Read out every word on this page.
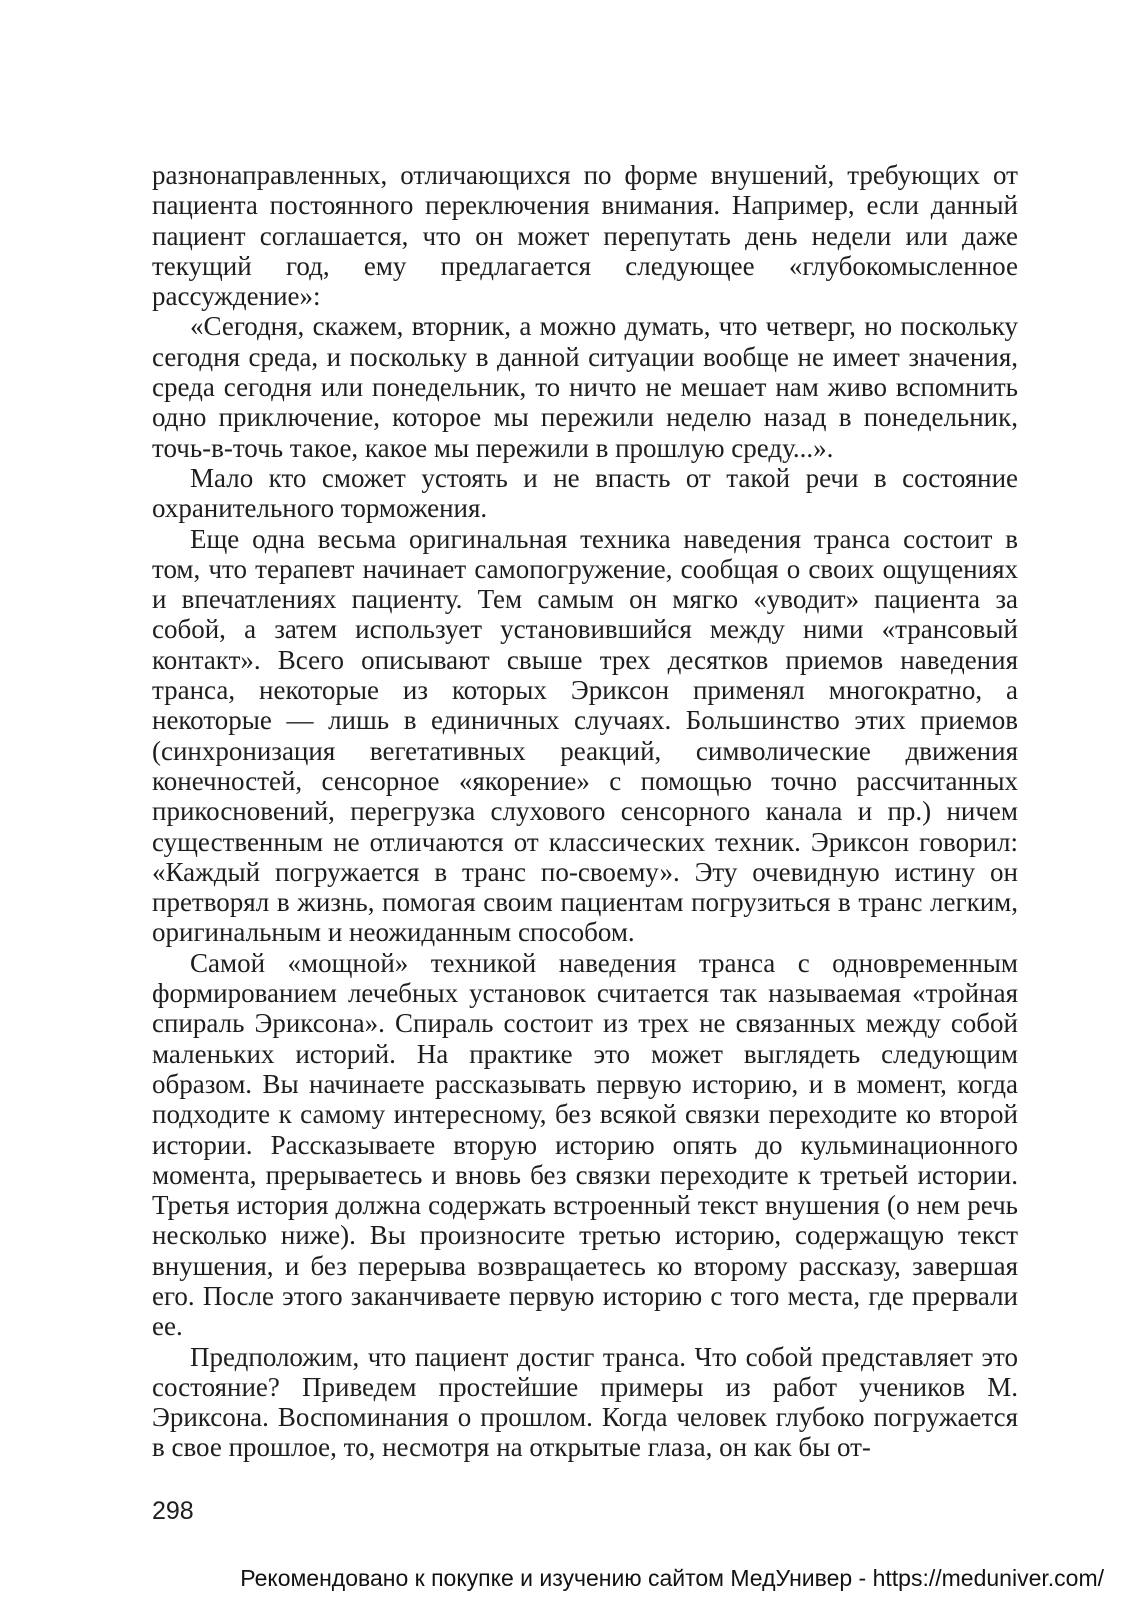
разнонаправленных, отличающихся по форме внушений, требующих от пациента постоянного переключения внимания. Например, если данный пациент соглашается, что он может перепутать день недели или даже текущий год, ему предлагается следующее «глубокомысленное рассуждение»:

«Сегодня, скажем, вторник, а можно думать, что четверг, но поскольку сегодня среда, и поскольку в данной ситуации вообще не имеет значения, среда сегодня или понедельник, то ничто не мешает нам живо вспомнить одно приключение, которое мы пережили неделю назад в понедельник, точь-в-точь такое, какое мы пережили в прошлую среду...».

Мало кто сможет устоять и не впасть от такой речи в состояние охранительного торможения.

Еще одна весьма оригинальная техника наведения транса состоит в том, что терапевт начинает самопогружение, сообщая о своих ощущениях и впечатлениях пациенту. Тем самым он мягко «уводит» пациента за собой, а затем использует установившийся между ними «трансовый контакт». Всего описывают свыше трех десятков приемов наведения транса, некоторые из которых Эриксон применял многократно, а некоторые — лишь в единичных случаях. Большинство этих приемов (синхронизация вегетативных реакций, символические движения конечностей, сенсорное «якорение» с помощью точно рассчитанных прикосновений, перегрузка слухового сенсорного канала и пр.) ничем существенным не отличаются от классических техник. Эриксон говорил: «Каждый погружается в транс по-своему». Эту очевидную истину он претворял в жизнь, помогая своим пациентам погрузиться в транс легким, оригинальным и неожиданным способом.

Самой «мощной» техникой наведения транса с одновременным формированием лечебных установок считается так называемая «тройная спираль Эриксона». Спираль состоит из трех не связанных между собой маленьких историй. На практике это может выглядеть следующим образом. Вы начинаете рассказывать первую историю, и в момент, когда подходите к самому интересному, без всякой связки переходите ко второй истории. Рассказываете вторую историю опять до кульминационного момента, прерываетесь и вновь без связки переходите к третьей истории. Третья история должна содержать встроенный текст внушения (о нем речь несколько ниже). Вы произносите третью историю, содержащую текст внушения, и без перерыва возвращаетесь ко второму рассказу, завершая его. После этого заканчиваете первую историю с того места, где прервали ее.

Предположим, что пациент достиг транса. Что собой представляет это состояние? Приведем простейшие примеры из работ учеников М. Эриксона. Воспоминания о прошлом. Когда человек глубоко погружается в свое прошлое, то, несмотря на открытые глаза, он как бы от-

298
Рекомендовано к покупке и изучению сайтом МедУнивер - https://meduniver.com/
